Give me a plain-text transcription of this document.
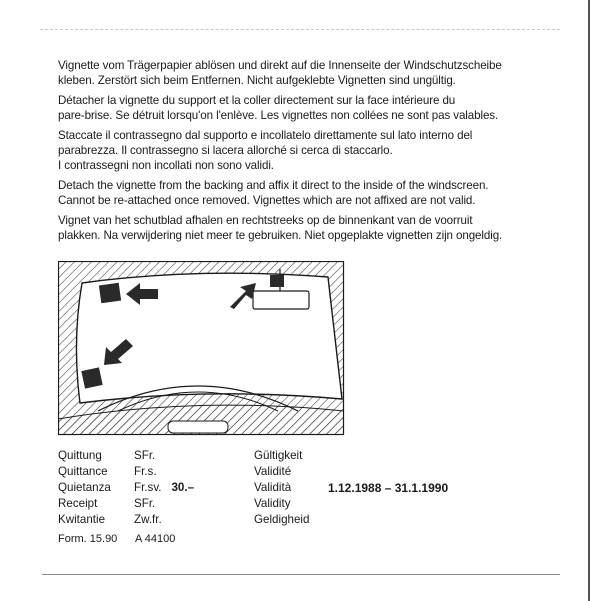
Vignette vom Trägerpapier ablösen und direkt auf die Innenseite der Windschutzscheibe
kleben. Zerstört sich beim Entfernen. Nicht aufgeklebte Vignetten sind ungültig.

Détacher la vignette du support et la coller directement sur la face intérieure du
pare-brise. Se détruit lorsqu'on l'enlève. Les vignettes non collées ne sont pas valables.

Staccate il contrassegno dal supporto e incollatelo direttamente sul lato interno del
parabrezza. Il contrassegno si lacera allorché si cerca di staccarlo.
I contrassegni non incollati non sono validi.

Detach the vignette from the backing and affix it direct to the inside of the windscreen.
Cannot be re-attached once removed. Vignettes which are not affixed are not valid.

Vignet van het schutblad afhalen en rechtstreeks op de binnenkant van de voorruit
plakken. Na verwijdering niet meer te gebruiken. Niet opgeplakte vignetten zijn ongeldig.

Quittung
Quittance
Quietanza
Receipt
Kwitantie
SFr.
Fr.s.
Fr.sv. 30.–
SFr.
Zw.fr.
Gültigkeit
Validité
Validità
Validity
Geldigheid
1.12.1988 – 31.1.1990
Form. 15.90 A 44100
